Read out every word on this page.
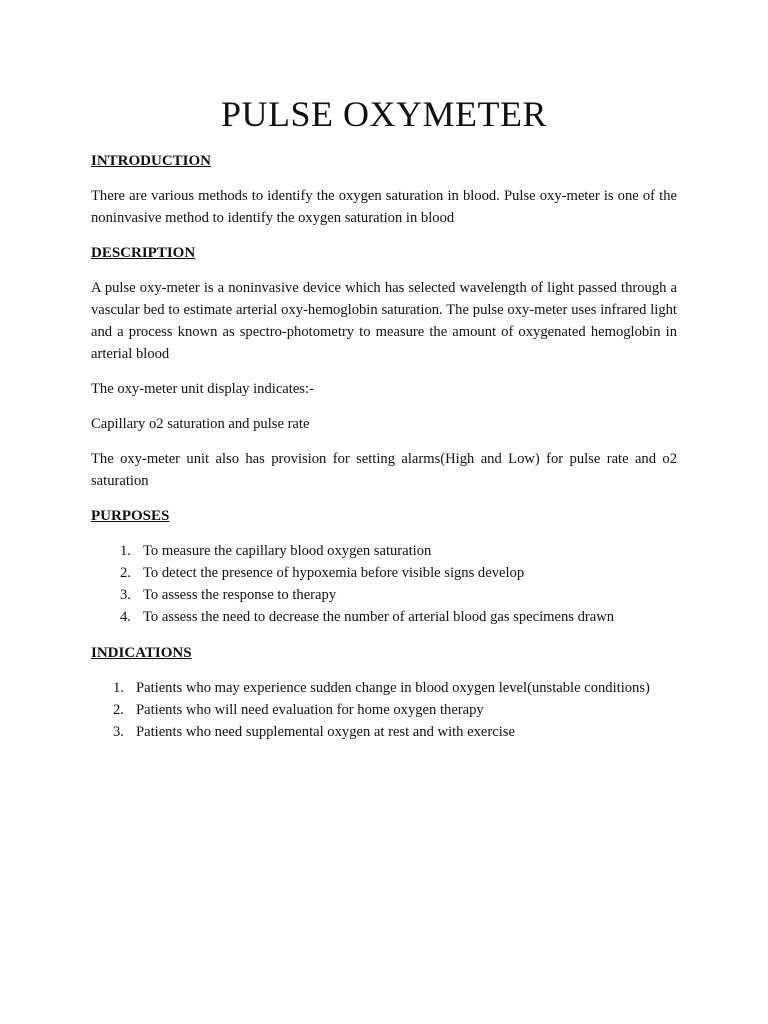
PULSE OXYMETER
INTRODUCTION

There are various methods to identify the oxygen saturation in blood. Pulse oxy-meter is one of the noninvasive method to identify the oxygen saturation in blood

DESCRIPTION

A pulse oxy-meter is a noninvasive device which has selected wavelength of light passed through a vascular bed to estimate arterial oxy-hemoglobin saturation. The pulse oxy-meter uses infrared light and a process known as spectro-photometry to measure the amount of oxygenated hemoglobin in arterial blood

The oxy-meter unit display indicates:-

Capillary o2 saturation and pulse rate

The oxy-meter unit also has provision for setting alarms(High and Low) for pulse rate and o2 saturation

PURPOSES
1. To measure the capillary blood oxygen saturation
2. To detect the presence of hypoxemia before visible signs develop
3. To assess the response to therapy
4. To assess the need to decrease the number of arterial blood gas specimens drawn
INDICATIONS
1. Patients who may experience sudden change in blood oxygen level(unstable conditions)
2. Patients who will need evaluation for home oxygen therapy
3. Patients who need supplemental oxygen at rest and with exercise
